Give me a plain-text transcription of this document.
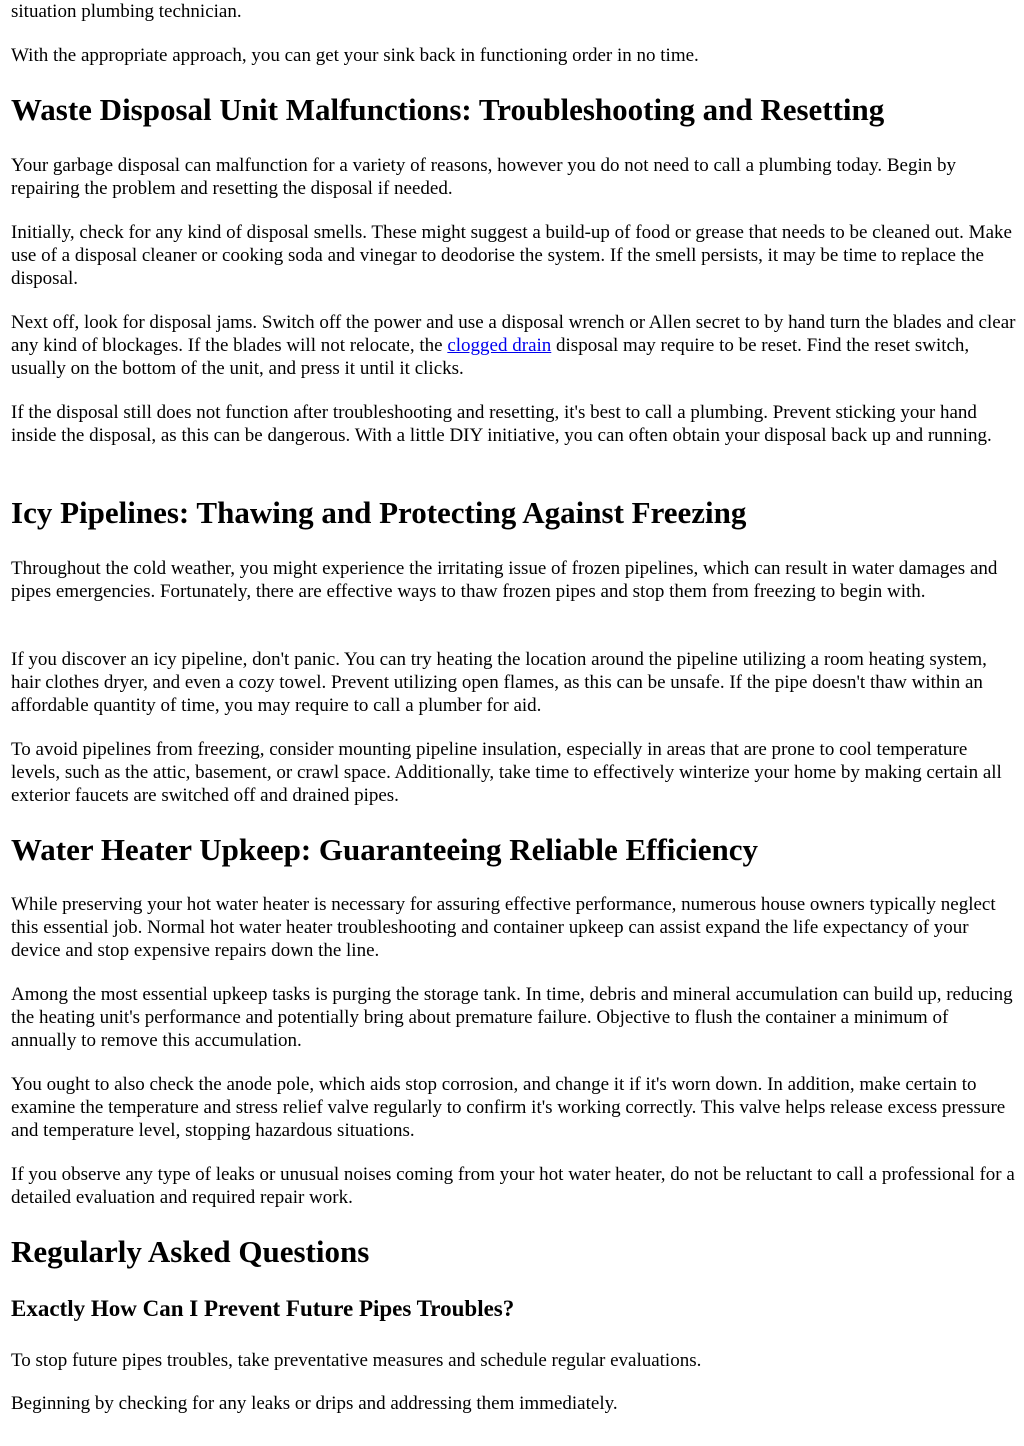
situation plumbing technician.

With the appropriate approach, you can get your sink back in functioning order in no time.

Waste Disposal Unit Malfunctions: Troubleshooting and Resetting

Your garbage disposal can malfunction for a variety of reasons, however you do not need to call a plumbing today. Begin by repairing the problem and resetting the disposal if needed.

Initially, check for any kind of disposal smells. These might suggest a build-up of food or grease that needs to be cleaned out. Make use of a disposal cleaner or cooking soda and vinegar to deodorise the system. If the smell persists, it may be time to replace the disposal.

Next off, look for disposal jams. Switch off the power and use a disposal wrench or Allen secret to by hand turn the blades and clear any kind of blockages. If the blades will not relocate, the clogged drain disposal may require to be reset. Find the reset switch, usually on the bottom of the unit, and press it until it clicks.

If the disposal still does not function after troubleshooting and resetting, it's best to call a plumbing. Prevent sticking your hand inside the disposal, as this can be dangerous. With a little DIY initiative, you can often obtain your disposal back up and running.

Icy Pipelines: Thawing and Protecting Against Freezing

Throughout the cold weather, you might experience the irritating issue of frozen pipelines, which can result in water damages and pipes emergencies. Fortunately, there are effective ways to thaw frozen pipes and stop them from freezing to begin with.

If you discover an icy pipeline, don't panic. You can try heating the location around the pipeline utilizing a room heating system, hair clothes dryer, and even a cozy towel. Prevent utilizing open flames, as this can be unsafe. If the pipe doesn't thaw within an affordable quantity of time, you may require to call a plumber for aid.

To avoid pipelines from freezing, consider mounting pipeline insulation, especially in areas that are prone to cool temperature levels, such as the attic, basement, or crawl space. Additionally, take time to effectively winterize your home by making certain all exterior faucets are switched off and drained pipes.

Water Heater Upkeep: Guaranteeing Reliable Efficiency

While preserving your hot water heater is necessary for assuring effective performance, numerous house owners typically neglect this essential job. Normal hot water heater troubleshooting and container upkeep can assist expand the life expectancy of your device and stop expensive repairs down the line.

Among the most essential upkeep tasks is purging the storage tank. In time, debris and mineral accumulation can build up, reducing the heating unit's performance and potentially bring about premature failure. Objective to flush the container a minimum of annually to remove this accumulation.

You ought to also check the anode pole, which aids stop corrosion, and change it if it's worn down. In addition, make certain to examine the temperature and stress relief valve regularly to confirm it's working correctly. This valve helps release excess pressure and temperature level, stopping hazardous situations.

If you observe any type of leaks or unusual noises coming from your hot water heater, do not be reluctant to call a professional for a detailed evaluation and required repair work.

Regularly Asked Questions
Exactly How Can I Prevent Future Pipes Troubles?

To stop future pipes troubles, take preventative measures and schedule regular evaluations.

Beginning by checking for any leaks or drips and addressing them immediately.
